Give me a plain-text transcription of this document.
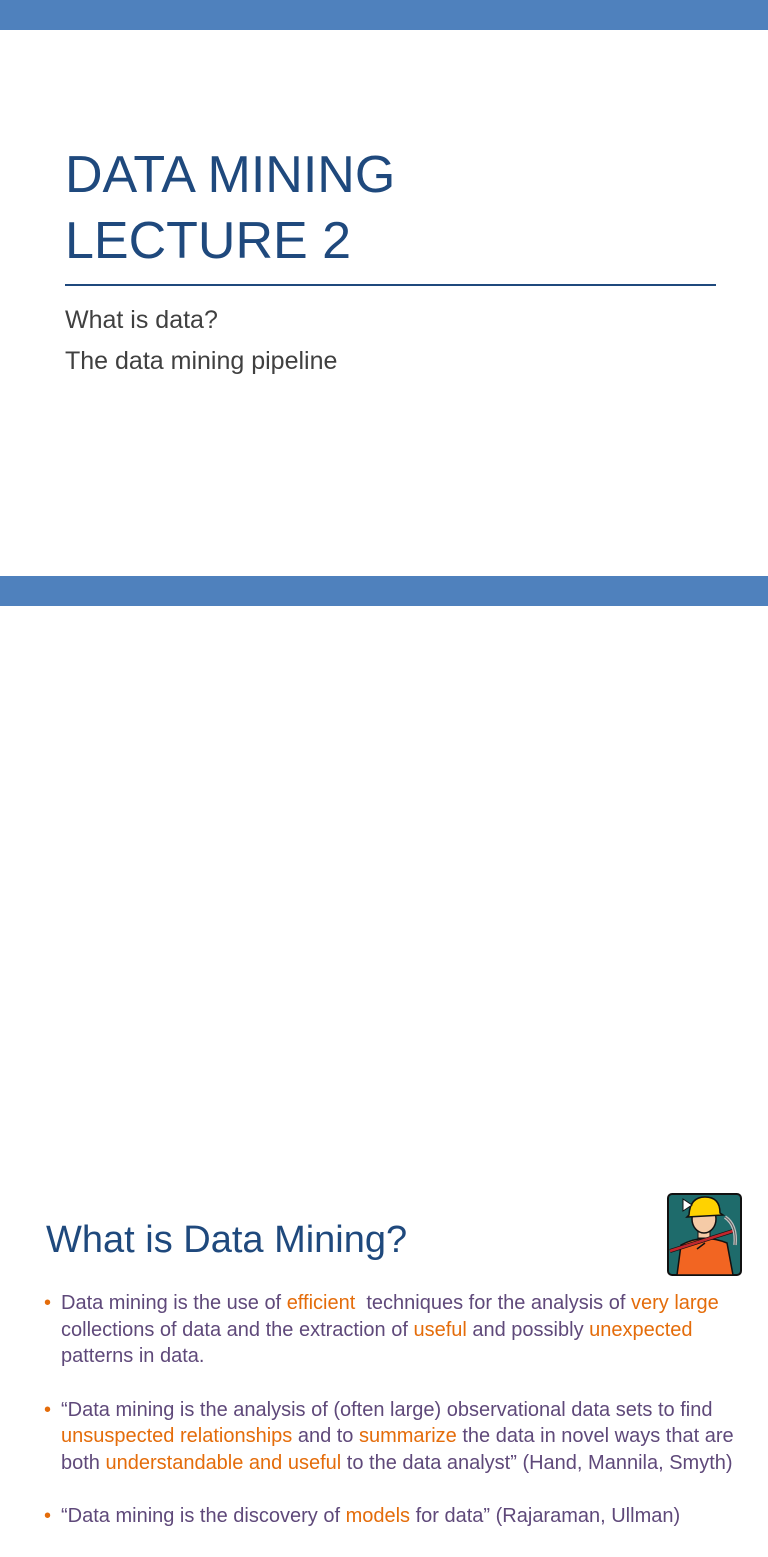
DATA MINING
LECTURE 2
What is data?
The data mining pipeline
What is Data Mining?
• Data mining is the use of efficient  techniques for the analysis of very large collections of data and the extraction of useful and possibly unexpected patterns in data.
• “Data mining is the analysis of (often large) observational data sets to find unsuspected relationships and to summarize the data in novel ways that are both understandable and useful to the data analyst” (Hand, Mannila, Smyth)
• “Data mining is the discovery of models for data” (Rajaraman, Ullman)
